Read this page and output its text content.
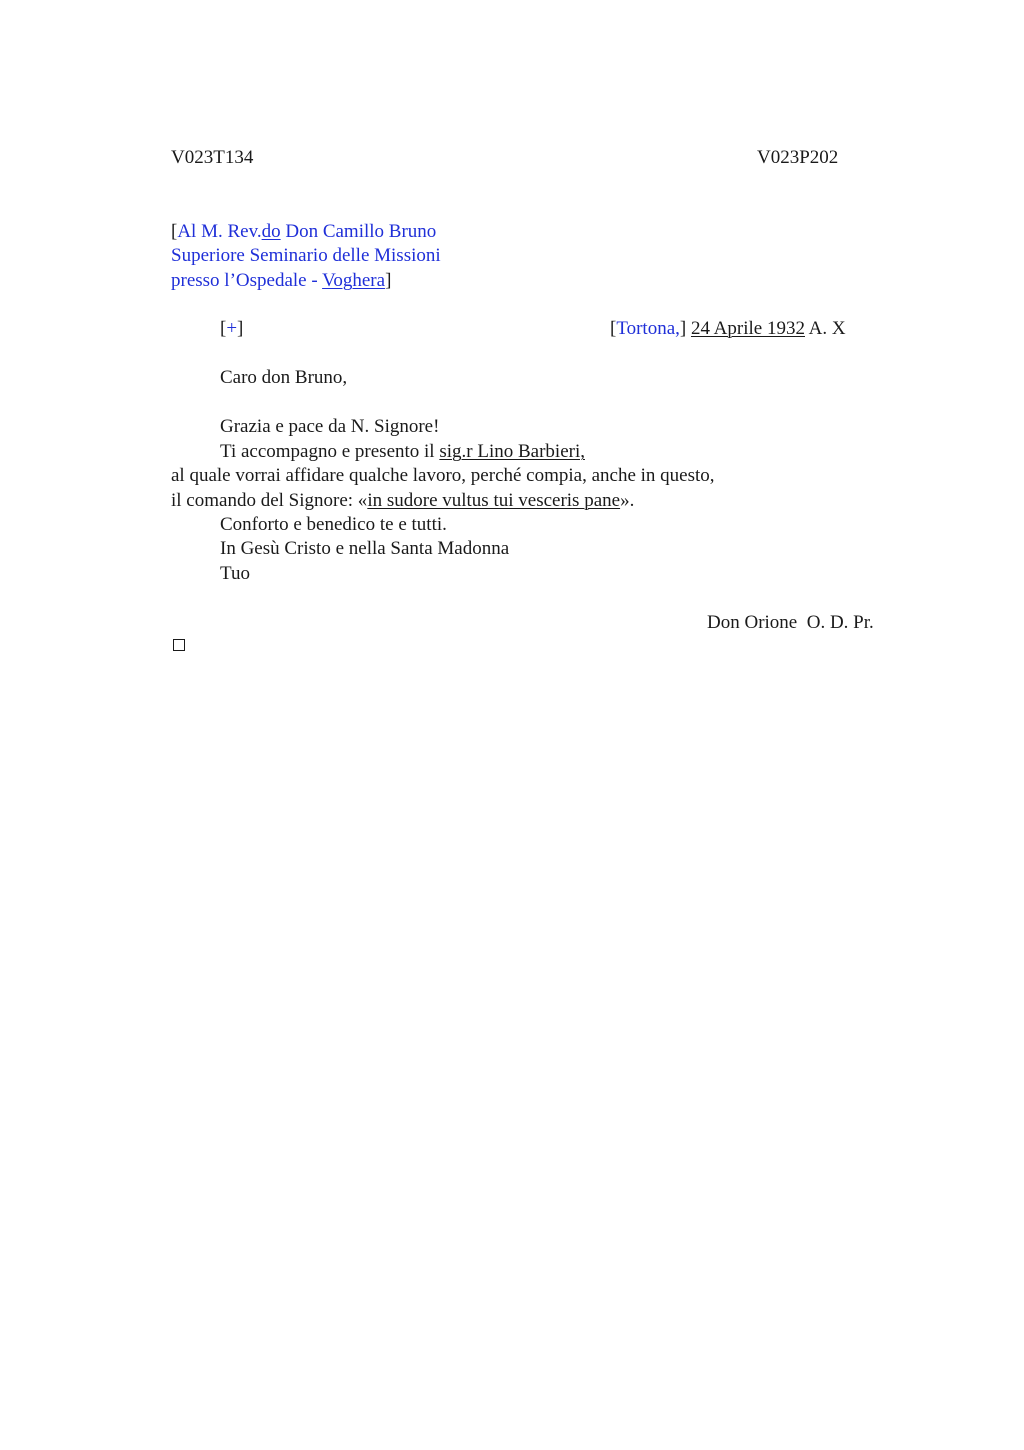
V023T134	V023P202
[Al M. Rev.do Don Camillo Bruno
Superiore Seminario delle Missioni
presso l’Ospedale - Voghera]
[+]	[Tortona,] 24 Aprile 1932 A. X
Caro don Bruno,
Grazia e pace da N. Signore!
Ti accompagno e presento il sig.r Lino Barbieri,
al quale vorrai affidare qualche lavoro, perché compia, anche in questo,
il comando del Signore: «in sudore vultus tui vesceris pane».
Conforto e benedico te e tutti.
In Gesù Cristo e nella Santa Madonna
Tuo
Don Orione  O. D. Pr.
